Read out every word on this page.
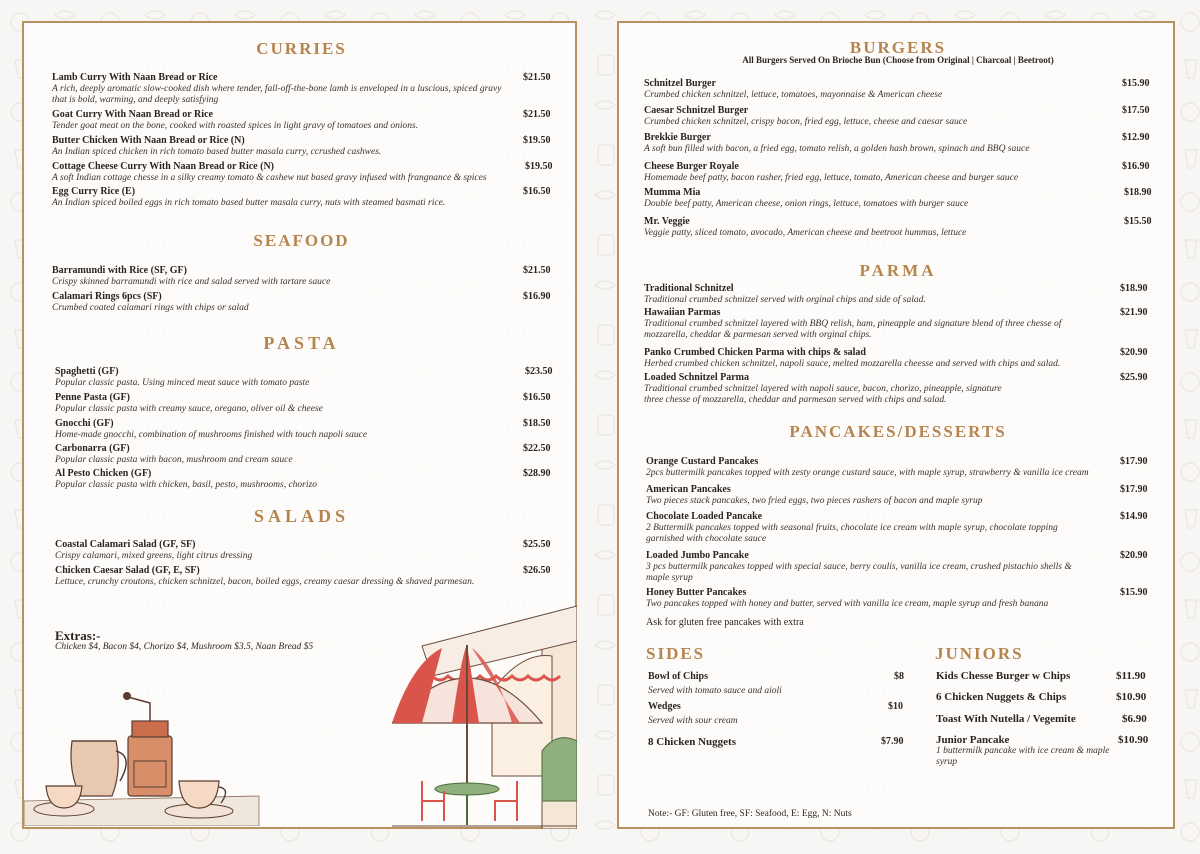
CURRIES
Lamb Curry With Naan Bread or Rice
A rich, deeply aromatic slow-cooked dish where tender, fall-off-the-bone lamb is enveloped in a luscious, spiced gravy that is bold, warming, and deeply satisfying
$21.50
Goat Curry With Naan Bread or Rice
Tender goat meat on the bone, cooked with roasted spices in light gravy of tomatoes and onions.
$21.50
Butter Chicken With Naan Bread or Rice (N)
An Indian spiced chicken in rich tomato based butter masala curry, ccrushed cashwes.
$19.50
Cottage Cheese Curry With Naan Bread or Rice (N)
A soft Indian cottage chesse in a silky creamy tomato & cashew nut based gravy infused with frangnance & spices
$19.50
Egg Curry Rice (E)
An Indian spiced boiled eggs in rich tomato based butter masala curry, nuts with steamed basmati rice.
$16.50
SEAFOOD
Barramundi with Rice (SF, GF)
Crispy skinned barramundi with rice and salad served with tartare sauce
$21.50
Calamari Rings 6pcs (SF)
Crumbed coated calamari rings with chips or salad
$16.90
PASTA
Spaghetti (GF)
Popular classic pasta. Using minced meat sauce with tomato paste
$23.50
Penne Pasta (GF)
Popular classic pasta with creamy sauce, oregano, oliver oil & cheese
$16.50
Gnocchi (GF)
Home-made gnocchi, combination of mushrooms finished with touch napoli sauce
$18.50
Carbonarra (GF)
Popular classic pasta with bacon, mushroom and cream sauce
$22.50
Al Pesto Chicken (GF)
Popular classic pasta with chicken, basil, pesto, mushrooms, chorizo
$28.90
SALADS
Coastal Calamari Salad (GF, SF)
Crispy calamari, mixed greens, light citrus dressing
$25.50
Chicken Caesar Salad (GF, E, SF)
Lettuce, crunchy croutons, chicken schnitzel, bacon, boiled eggs, creamy caesar dressing & shaved parmesan.
$26.50
Extras:-
Chicken $4, Bacon $4, Chorizo $4, Mushroom $3.5, Naan Bread $5
BURGERS
All Burgers Served On Brioche Bun (Choose from Original | Charcoal | Beetroot)
Schnitzel Burger
Crumbed chicken schnitzel, lettuce, tomatoes, mayonnaise & American cheese
$15.90
Caesar Schnitzel Burger
Crumbed chicken schnitzel, crispy bacon, fried egg, lettuce, cheese and caesar sauce
$17.50
Brekkie Burger
A soft bun filled with bacon, a fried egg, tomato relish, a golden hash brown, spinach and BBQ sauce
$12.90
Cheese Burger Royale
Homemade beef patty, bacon rasher, fried egg, lettuce, tomato, American cheese and burger sauce
$16.90
Mumma Mia
Double beef patty, American cheese, onion rings, lettuce, tomatoes with burger sauce
$18.90
Mr. Veggie
Veggie patty, sliced tomato, avocado, American cheese and beetroot hummus, lettuce
$15.50
PARMA
Traditional Schnitzel
Traditional crumbed schnitzel served with orginal chips and side of salad.
$18.90
Hawaiian Parmas
Traditional crumbed schnitzel layered with BBQ relish, ham, pineapple and signature blend of three chesse of mozzarella, cheddar & parmesan served with orginal chips.
$21.90
Panko Crumbed Chicken Parma with chips & salad
Herbed crumbed chicken schnitzel, napoli sauce, melted mozzarella cheesse and served with chips and salad.
$20.90
Loaded Schnitzel Parma
Traditional crumbed schnitzel layered with napoli sauce, bacon, chorizo, pineapple, signature three chesse of mozzarella, cheddar and parmesan served with chips and salad.
$25.90
PANCAKES/DESSERTS
Orange Custard Pancakes
2pcs buttermilk pancakes topped with zesty orange custard sauce, with maple syrup, strawberry & vanilla ice cream
$17.90
American Pancakes
Two pieces stack pancakes, two fried eggs, two pieces rashers of bacon and maple syrup
$17.90
Chocolate Loaded Pancake
2 Buttermilk pancakes topped with seasonal fruits, chocolate ice cream with maple syrup, chocolate topping garnished with chocolate sauce
$14.90
Loaded Jumbo Pancake
3 pcs buttermilk pancakes topped with special sauce, berry coulis, vanilla ice cream, crushed pistachio shells & maple syrup
$20.90
Honey Butter Pancakes
Two pancakes topped with honey and butter, served with vanilla ice cream, maple syrup and fresh banana
$15.90
Ask for gluten free pancakes with extra
SIDES
Bowl of Chips
Served with tomato sauce and aioli
$8
Wedges
Served with sour cream
$10
8 Chicken Nuggets	$7.90
JUNIORS
Kids Chesse Burger w Chips	$11.90
6 Chicken Nuggets & Chips	$10.90
Toast With Nutella / Vegemite	$6.90
Junior Pancake
1 buttermilk pancake with ice cream & maple syrup
$10.90
Note:- GF: Gluten free, SF: Seafood, E: Egg, N: Nuts
